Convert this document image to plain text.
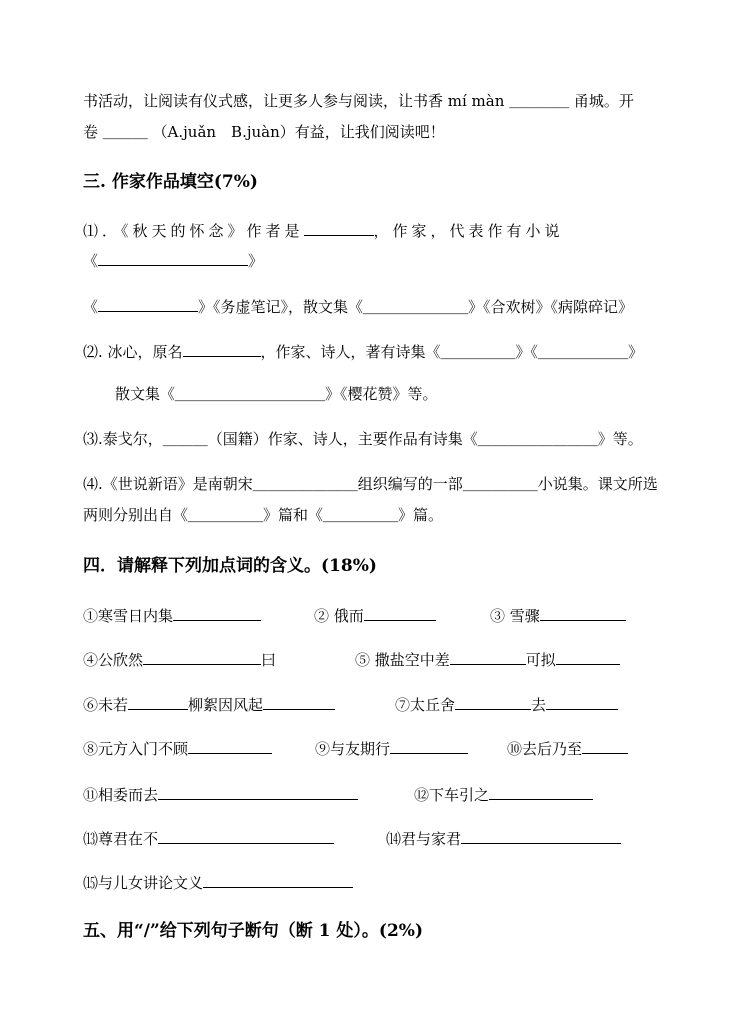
书活动，让阅读有仪式感，让更多人参与阅读，让书香 mí màn ＿＿＿＿ 甬城。开
卷 ＿＿＿ （A.juǎn　B.juàn）有益，让我们阅读吧！
三. 作家作品填空(7%)
⑴．《秋天的怀念》作者是	，作家，代表作有小说
《	》
《	》《务虚笔记》，散文集《＿＿＿＿＿＿＿》《合欢树》《病隙碎记》
⑵. 冰心，原名	，作家、诗人，著有诗集《＿＿＿＿＿》《＿＿＿＿＿＿》
散文集《＿＿＿＿＿＿＿＿＿＿》《樱花赞》等。
⑶.泰戈尔，＿＿＿（国籍）作家、诗人，主要作品有诗集《＿＿＿＿＿＿＿＿》等。
⑷.《世说新语》是南朝宋＿＿＿＿＿＿＿组织编写的一部＿＿＿＿＿小说集。课文所选
两则分别出自《＿＿＿＿＿》篇和《＿＿＿＿＿》篇。
四．请解释下列加点词的含义。(18%)
①寒雪日内集	② 俄而	③ 雪骤
④公欣然	曰	⑤ 撒盐空中差	可拟
⑥未若	柳絮因风起	⑦太丘舍	去
⑧元方入门不顾	⑨与友期行	⑩去后乃至
⑪相委而去	⑫下车引之
⒀尊君在不	⒁君与家君
⒂与儿女讲论文义
五、用“/”给下列句子断句（断 1 处）。(2%)
